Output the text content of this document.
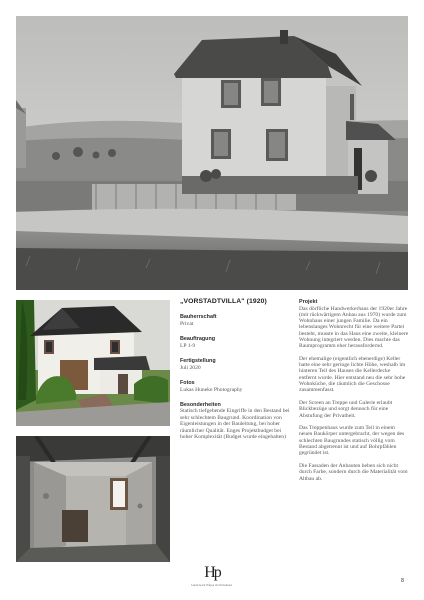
„VORSTADTVILLA" (1920)
Bauherrschaft
Privat
Beauftragung
LP 1-9
Fertigstellung
Juli 2020
Fotos
Lukas Huneke Photography
Besonderheiten
Statisch tiefgehende Eingriffe in den Bestand bei sehr schlechtem Baugrund. Koordination von Eigenleistungen in der Bauleitung, bei hoher räumlicher Qualität. Enges Projektbudget bei hoher Komplexität (Budget wurde eingehalten)
Projekt

Das dörfliche Handwerkerhaus der 1920er Jahre (mit rückwärtigem Anbau aus 1970) wurde zum Wohnhaus einer jungen Familie. Da ein lebenslanges Wohnrecht für eine weitere Partei besteht, musste in das Haus eine zweite, kleinere Wohnung integriert werden. Dies machte das Raumprogramm eher herausfordernd.

Der ehemalige (eigentlich ebenerdige) Keller hatte eine sehr geringe lichte Höhe, weshalb im hinteren Teil des Hauses die Kellerdecke entfernt wurde. Hier entstand neu die sehr hohe Wohnküche, die räumlich die Geschosse zusammenfasst.

Der Screen an Treppe und Galerie erlaubt Blickbezüge und sorgt dennoch für eine Abstufung der Privatheit.

Das Treppenhaus wurde zum Teil in einem neuen Baukörper untergebracht, der wegen des schlechten Baugrundes statisch völlig vom Bestand abgetrennt ist und auf Bohrpfählen gegründet ist.

Die Fassaden der Anbauten heben sich nicht durch Farbe, sondern durch die Materialität vom Altbau ab.

Hp
Heinzeck Papa Architekten
8
